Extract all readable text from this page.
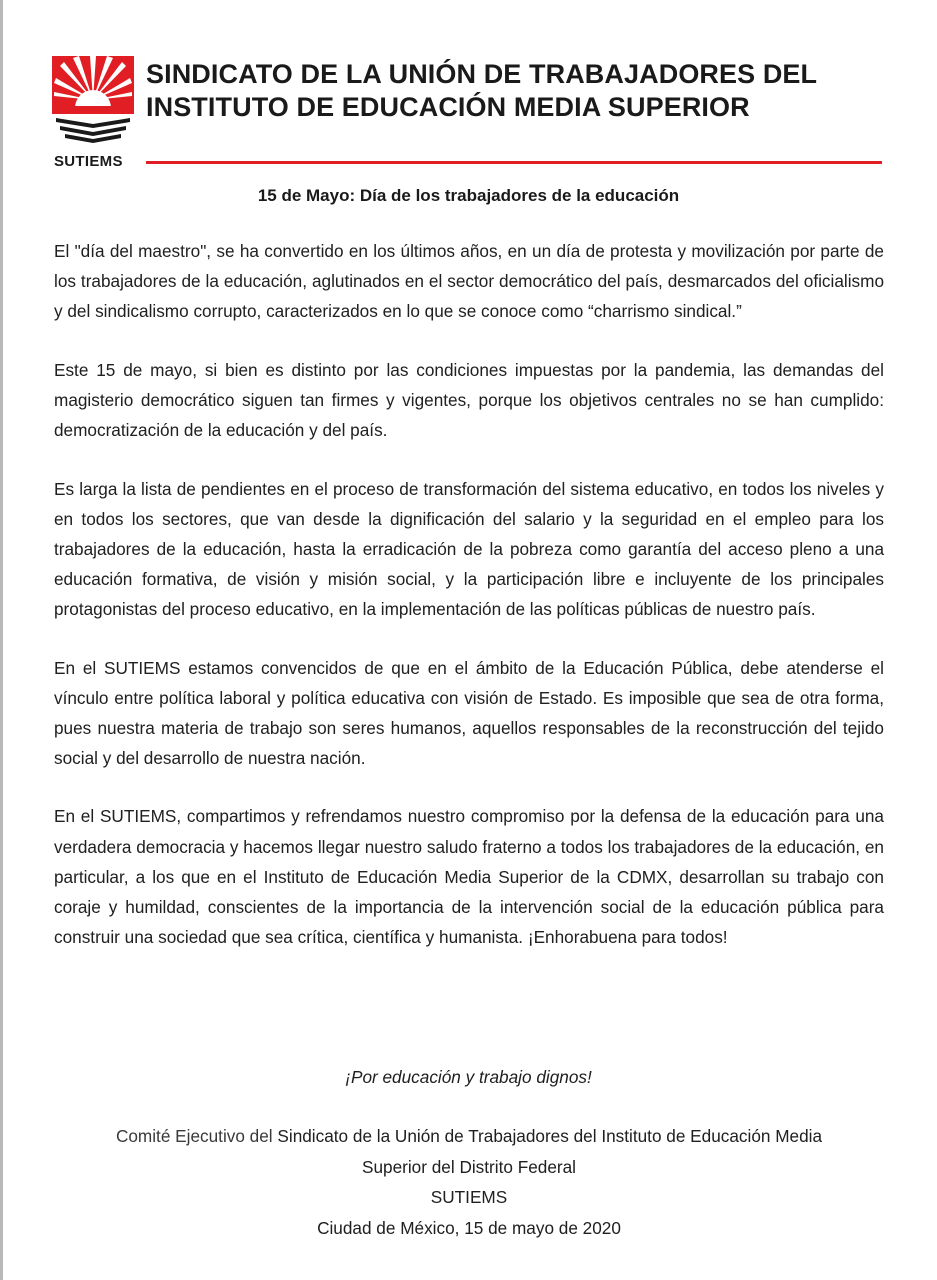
SUTIEMS
SINDICATO DE LA UNIÓN DE TRABAJADORES DEL
INSTITUTO DE EDUCACIÓN MEDIA SUPERIOR
15 de Mayo: Día de los trabajadores de la educación

El "día del maestro", se ha convertido en los últimos años, en un día de protesta y movilización por parte de los trabajadores de la educación, aglutinados en el sector democrático del país, desmarcados del oficialismo y del sindicalismo corrupto, caracterizados en lo que se conoce como “charrismo sindical.”

Este 15 de mayo, si bien es distinto por las condiciones impuestas por la pandemia, las demandas del magisterio democrático siguen tan firmes y vigentes, porque los objetivos centrales no se han cumplido: democratización de la educación y del país.

Es larga la lista de pendientes en el proceso de transformación del sistema educativo, en todos los niveles y en todos los sectores, que van desde la dignificación del salario y la seguridad en el empleo para los trabajadores de la educación, hasta la erradicación de la pobreza como garantía del acceso pleno a una educación formativa, de visión y misión social, y la participación libre e incluyente de los principales protagonistas del proceso educativo, en la implementación de las políticas públicas de nuestro país.

En el SUTIEMS estamos convencidos de que en el ámbito de la Educación Pública, debe atenderse el vínculo entre política laboral y política educativa con visión de Estado. Es imposible que sea de otra forma, pues nuestra materia de trabajo son seres humanos, aquellos responsables de la reconstrucción del tejido social y del desarrollo de nuestra nación.

En el SUTIEMS, compartimos y refrendamos nuestro compromiso por la defensa de la educación para una verdadera democracia y hacemos llegar nuestro saludo fraterno a todos los trabajadores de la educación, en particular, a los que en el Instituto de Educación Media Superior de la CDMX, desarrollan su trabajo con coraje y humildad, conscientes de la importancia de la intervención social de la educación pública para construir una sociedad que sea crítica, científica y humanista. ¡Enhorabuena para todos!

¡Por educación y trabajo dignos!

Comité Ejecutivo del Sindicato de la Unión de Trabajadores del Instituto de Educación Media
Superior del Distrito Federal
SUTIEMS
Ciudad de México, 15 de mayo de 2020
